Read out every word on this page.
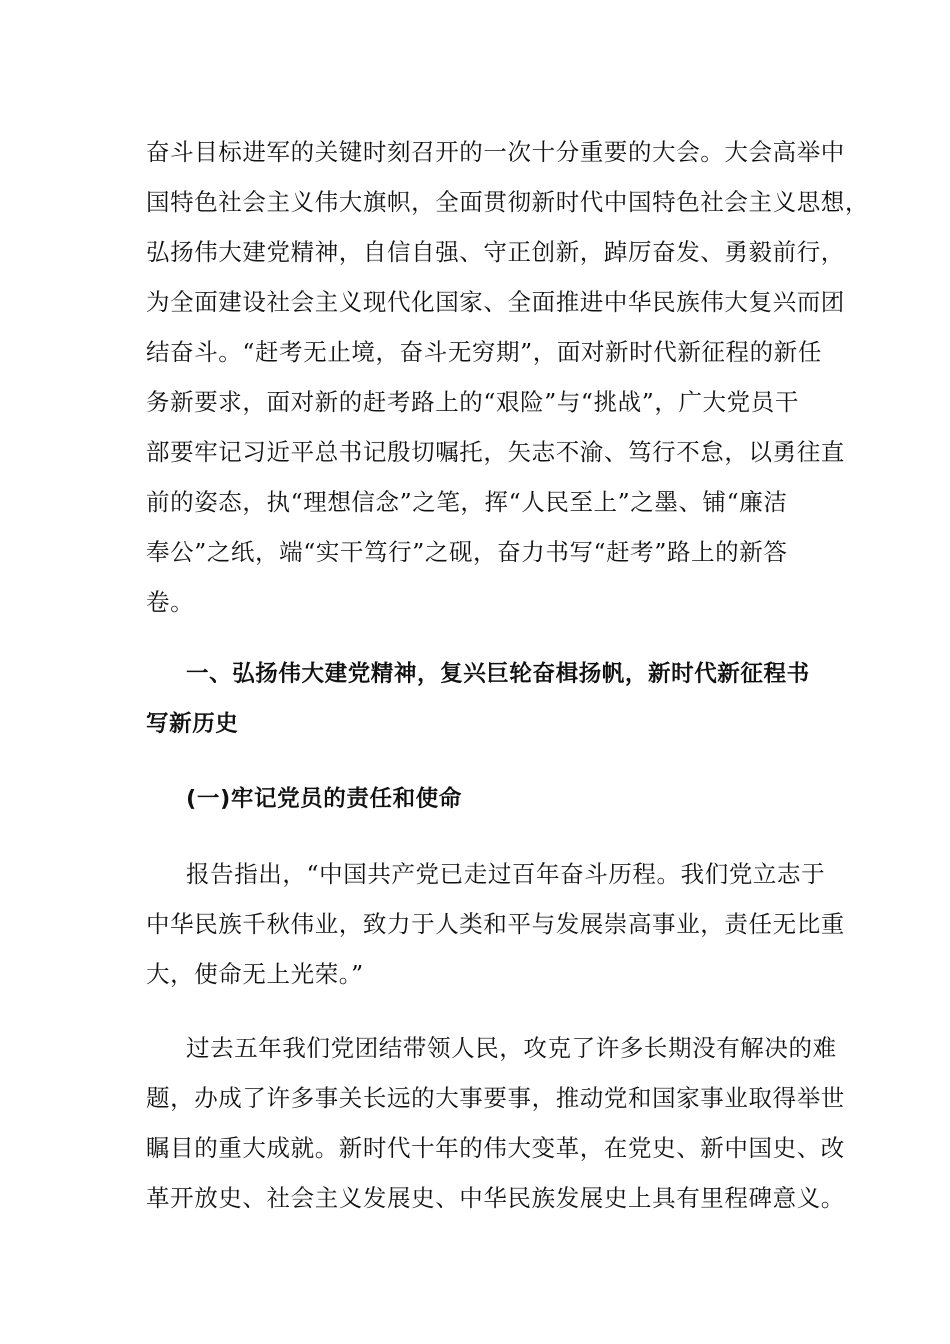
奋斗目标进军的关键时刻召开的一次十分重要的大会。大会高举中
国特色社会主义伟大旗帜，全面贯彻新时代中国特色社会主义思想，
弘扬伟大建党精神，自信自强、守正创新，踔厉奋发、勇毅前行，
为全面建设社会主义现代化国家、全面推进中华民族伟大复兴而团
结奋斗。“赶考无止境，奋斗无穷期”，面对新时代新征程的新任
务新要求，面对新的赶考路上的“艰险”与“挑战”，广大党员干
部要牢记习近平总书记殷切嘱托，矢志不渝、笃行不怠，以勇往直
前的姿态，执“理想信念”之笔，挥“人民至上”之墨、铺“廉洁
奉公”之纸，端“实干笃行”之砚，奋力书写“赶考”路上的新答
卷。
一、弘扬伟大建党精神，复兴巨轮奋楫扬帆，新时代新征程书
写新历史
(一)牢记党员的责任和使命
报告指出，“中国共产党已走过百年奋斗历程。我们党立志于
中华民族千秋伟业，致力于人类和平与发展崇高事业，责任无比重
大，使命无上光荣。”
过去五年我们党团结带领人民，攻克了许多长期没有解决的难
题，办成了许多事关长远的大事要事，推动党和国家事业取得举世
瞩目的重大成就。新时代十年的伟大变革，在党史、新中国史、改
革开放史、社会主义发展史、中华民族发展史上具有里程碑意义。
